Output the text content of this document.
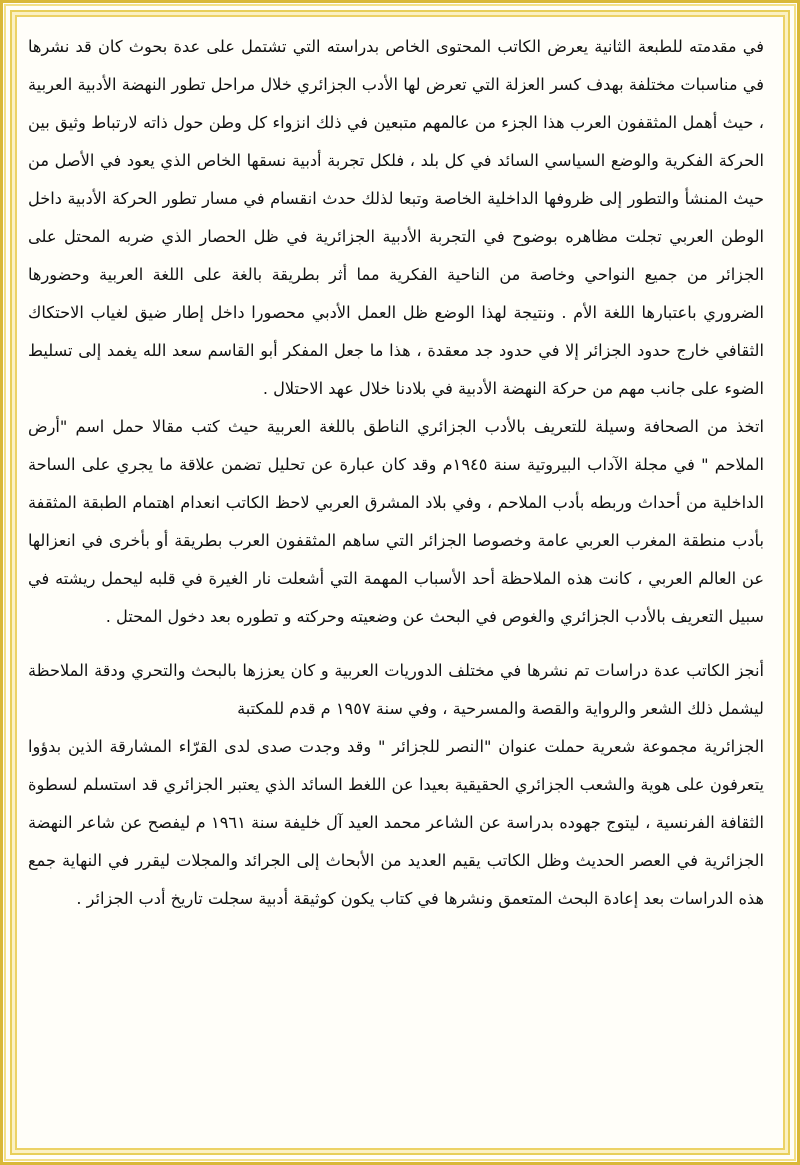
في مقدمته للطبعة الثانية يعرض الكاتب المحتوى الخاص بدراسته التي تشتمل على عدة بحوث كان قد نشرها في مناسبات مختلفة بهدف كسر العزلة التي تعرض لها الأدب الجزائري خلال مراحل تطور النهضة الأدبية العربية ، حيث أهمل المثقفون العرب هذا الجزء من عالمهم متبعين في ذلك انزواء كل وطن حول ذاته لارتباط وثيق بين الحركة الفكرية والوضع السياسي السائد في كل بلد ، فلكل تجربة أدبية نسقها الخاص الذي يعود في الأصل من حيث المنشأ والتطور إلى ظروفها الداخلية الخاصة وتبعا لذلك حدث انقسام في مسار تطور الحركة الأدبية داخل الوطن العربي تجلت مظاهره بوضوح في التجربة الأدبية الجزائرية في ظل الحصار الذي ضربه المحتل على الجزائر من جميع النواحي وخاصة من الناحية الفكرية مما أثر بطريقة بالغة على اللغة العربية وحضورها الضروري باعتبارها اللغة الأم . ونتيجة لهذا الوضع ظل العمل الأدبي محصورا داخل إطار ضيق لغياب الاحتكاك الثقافي خارج حدود الجزائر إلا في حدود جد معقدة ، هذا ما جعل المفكر أبو القاسم سعد الله يغمد إلى تسليط الضوء على جانب مهم من حركة النهضة الأدبية في بلادنا خلال عهد الاحتلال .

اتخذ من الصحافة وسيلة للتعريف بالأدب الجزائري الناطق باللغة العربية حيث كتب مقالا حمل اسم "أرض الملاحم " في مجلة الآداب البيروتية سنة ١٩٤٥م وقد كان عبارة عن تحليل تضمن علاقة ما يجري على الساحة الداخلية من أحداث وربطه بأدب الملاحم ، وفي بلاد المشرق العربي لاحظ الكاتب انعدام اهتمام الطبقة المثقفة بأدب منطقة المغرب العربي عامة وخصوصا الجزائر التي ساهم المثقفون العرب بطريقة أو بأخرى في انعزالها عن العالم العربي ، كانت هذه الملاحظة أحد الأسباب المهمة التي أشعلت نار الغيرة في قلبه ليحمل ريشته في سبيل التعريف بالأدب الجزائري والغوص في البحث عن وضعيته وحركته و تطوره بعد دخول المحتل .

أنجز الكاتب عدة دراسات تم نشرها في مختلف الدوريات العربية و كان يعززها بالبحث والتحري ودقة الملاحظة ليشمل ذلك الشعر والرواية والقصة والمسرحية ، وفي سنة ١٩٥٧ م قدم للمكتبة

الجزائرية مجموعة شعرية حملت عنوان "النصر للجزائر " وقد وجدت صدى لدى القرّاء المشارقة الذين بدؤوا يتعرفون على هوية والشعب الجزائري الحقيقية بعيدا عن اللغط السائد الذي يعتبر الجزائري قد استسلم لسطوة الثقافة الفرنسية ، ليتوج جهوده بدراسة عن الشاعر محمد العيد آل خليفة سنة ١٩٦١ م ليفصح عن شاعر النهضة الجزائرية في العصر الحديث وظل الكاتب يقيم العديد من الأبحاث إلى الجرائد والمجلات ليقرر في النهاية جمع هذه الدراسات بعد إعادة البحث المتعمق ونشرها في كتاب يكون كوثيقة أدبية سجلت تاريخ أدب الجزائر .
